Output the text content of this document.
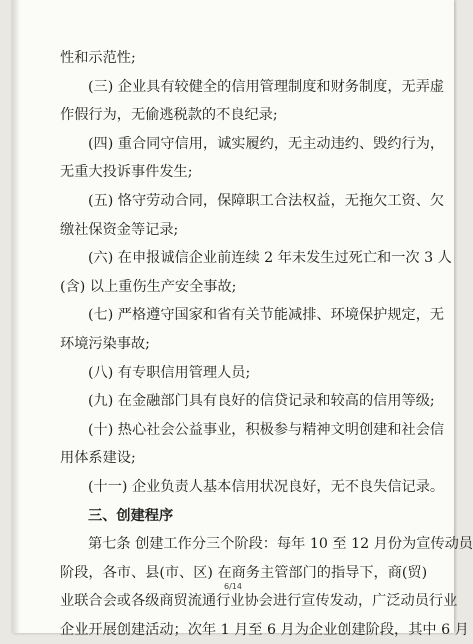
性和示范性;
(三) 企业具有较健全的信用管理制度和财务制度，无弄虚
作假行为，无偷逃税款的不良纪录;
(四) 重合同守信用，诚实履约，无主动违约、毁约行为，
无重大投诉事件发生;
(五) 恪守劳动合同，保障职工合法权益，无拖欠工资、欠
缴社保资金等记录;
(六) 在申报诚信企业前连续 2 年未发生过死亡和一次 3 人
(含) 以上重伤生产安全事故;
(七) 严格遵守国家和省有关节能减排、环境保护规定，无
环境污染事故;
(八) 有专职信用管理人员;
(九) 在金融部门具有良好的信贷记录和较高的信用等级;
(十) 热心社会公益事业，积极参与精神文明创建和社会信
用体系建设;
(十一) 企业负责人基本信用状况良好，无不良失信记录。
三、创建程序
第七条 创建工作分三个阶段：每年 10 至 12 月份为宣传动员
阶段，各市、县(市、区) 在商务主管部门的指导下，商(贸)
业联合会或各级商贸流通行业协会进行宣传发动，广泛动员行业
企业开展创建活动；次年 1 月至 6 月为企业创建阶段，其中 6 月
6/14
